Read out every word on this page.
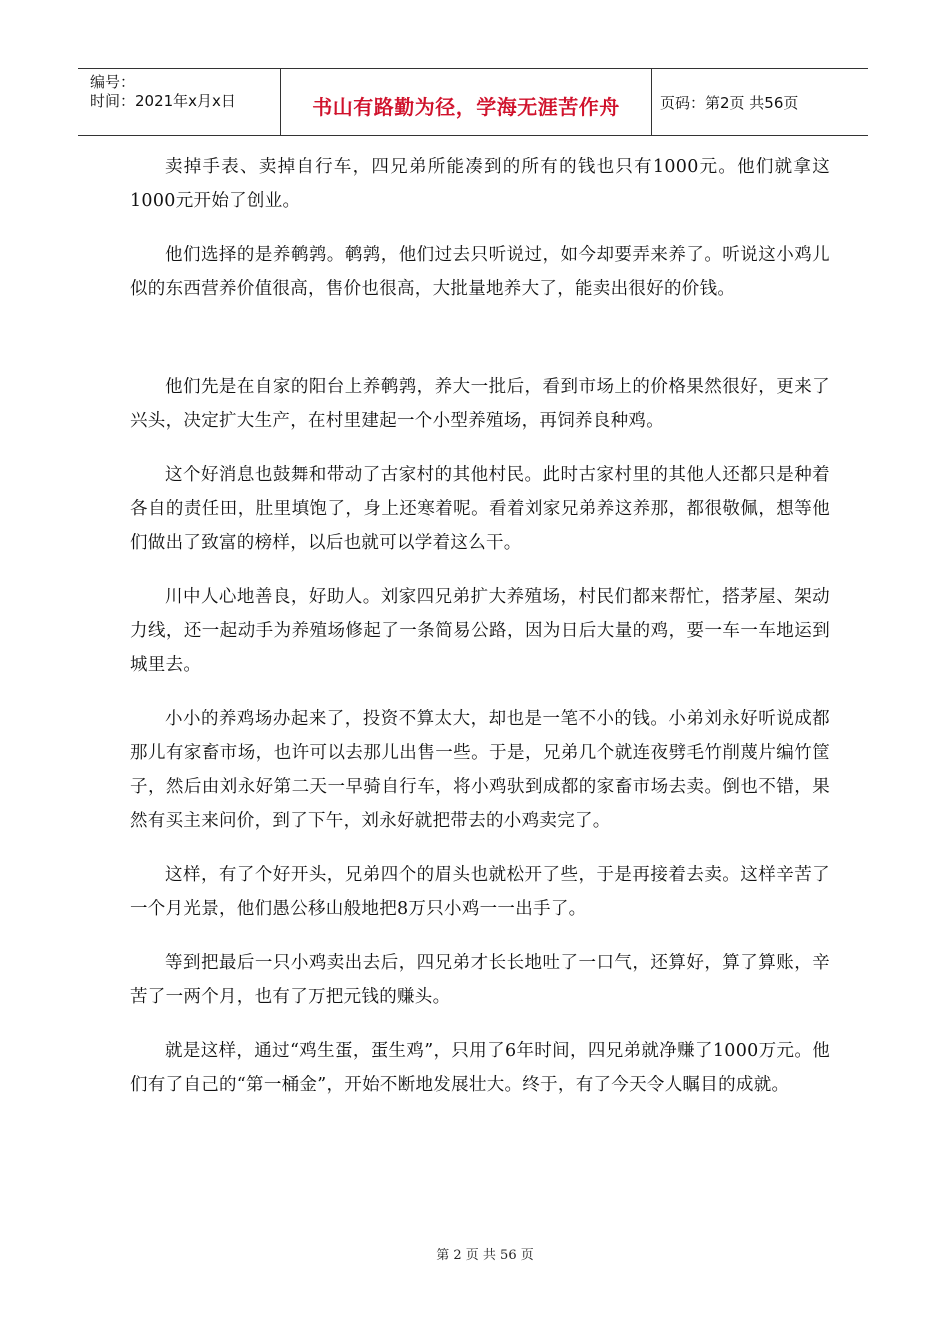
编号：
时间：2021年x月x日	书山有路勤为径，学海无涯苦作舟	页码：第2页 共56页

卖掉手表、卖掉自行车，四兄弟所能凑到的所有的钱也只有1000元。他们就拿这1000元开始了创业。

他们选择的是养鹌鹑。鹌鹑，他们过去只听说过，如今却要弄来养了。听说这小鸡儿似的东西营养价值很高，售价也很高，大批量地养大了，能卖出很好的价钱。

他们先是在自家的阳台上养鹌鹑，养大一批后，看到市场上的价格果然很好，更来了兴头，决定扩大生产，在村里建起一个小型养殖场，再饲养良种鸡。

这个好消息也鼓舞和带动了古家村的其他村民。此时古家村里的其他人还都只是种着各自的责任田，肚里填饱了，身上还寒着呢。看着刘家兄弟养这养那，都很敬佩，想等他们做出了致富的榜样，以后也就可以学着这么干。

川中人心地善良，好助人。刘家四兄弟扩大养殖场，村民们都来帮忙，搭茅屋、架动力线，还一起动手为养殖场修起了一条简易公路，因为日后大量的鸡，要一车一车地运到城里去。

小小的养鸡场办起来了，投资不算太大，却也是一笔不小的钱。小弟刘永好听说成都那儿有家畜市场，也许可以去那儿出售一些。于是，兄弟几个就连夜劈毛竹削蔑片编竹筐子，然后由刘永好第二天一早骑自行车，将小鸡驮到成都的家畜市场去卖。倒也不错，果然有买主来问价，到了下午，刘永好就把带去的小鸡卖完了。

这样，有了个好开头，兄弟四个的眉头也就松开了些，于是再接着去卖。这样辛苦了一个月光景，他们愚公移山般地把8万只小鸡一一出手了。

等到把最后一只小鸡卖出去后，四兄弟才长长地吐了一口气，还算好，算了算账，辛苦了一两个月，也有了万把元钱的赚头。

就是这样，通过“鸡生蛋，蛋生鸡”，只用了6年时间，四兄弟就净赚了1000万元。他们有了自己的“第一桶金”，开始不断地发展壮大。终于，有了今天令人瞩目的成就。

第 2 页 共 56 页
